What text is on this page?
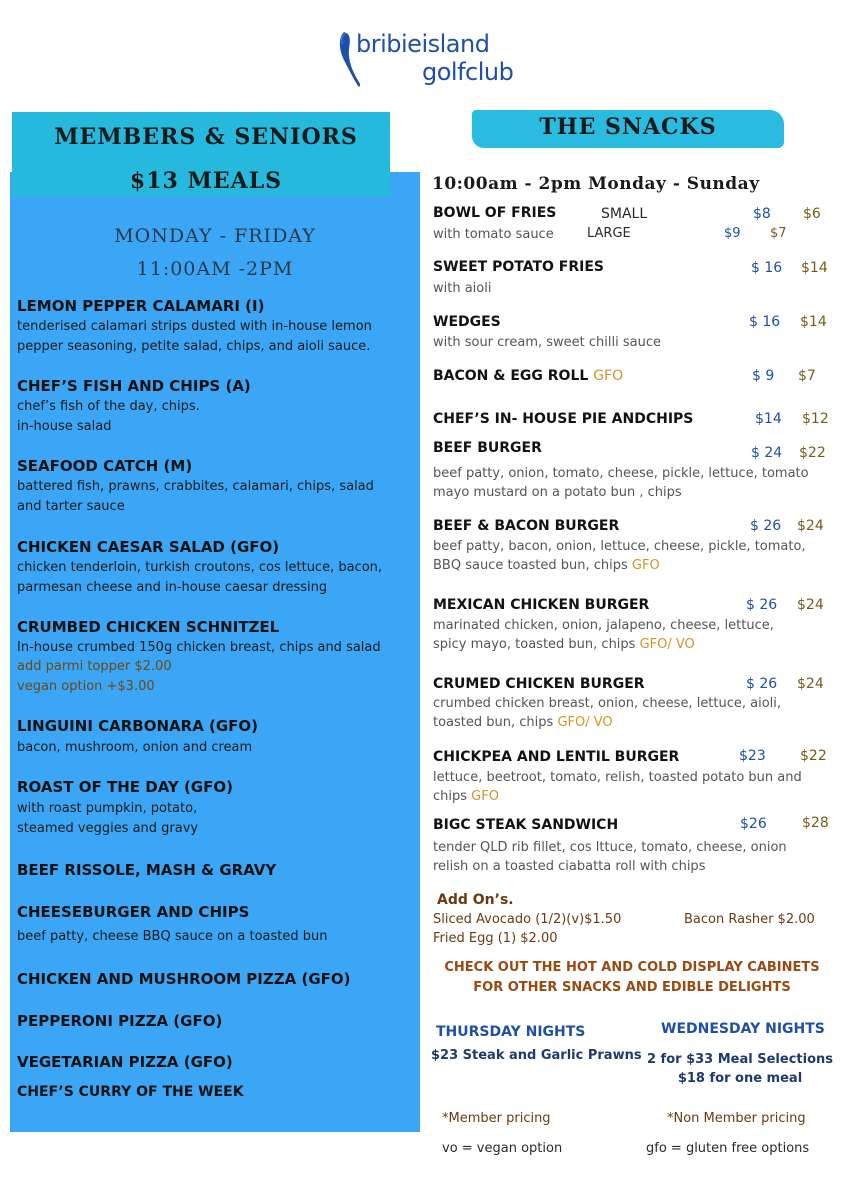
bribieisland
golfclub
MEMBERS & SENIORS
$13 MEALS
MONDAY - FRIDAY
11:00AM -2PM
LEMON PEPPER CALAMARI (I)
tenderised calamari strips dusted with in-house lemon
pepper seasoning, petite salad, chips, and aioli sauce.
CHEF’S FISH AND CHIPS (A)
chef’s fish of the day, chips.
in-house salad
SEAFOOD CATCH (M)
battered fish, prawns, crabbites, calamari, chips, salad
and tarter sauce
CHICKEN CAESAR SALAD (GFO)
chicken tenderloin, turkish croutons, cos lettuce, bacon,
parmesan cheese and in-house caesar dressing
CRUMBED CHICKEN SCHNITZEL
In-house crumbed 150g chicken breast, chips and salad
add parmi topper $2.00
vegan option +$3.00
LINGUINI CARBONARA (GFO)
bacon, mushroom, onion and cream
ROAST OF THE DAY (GFO)
with roast pumpkin, potato,
steamed veggies and gravy
BEEF RISSOLE, MASH & GRAVY
CHEESEBURGER AND CHIPS
beef patty, cheese BBQ sauce on a toasted bun
CHICKEN AND MUSHROOM PIZZA (GFO)
PEPPERONI PIZZA (GFO)
VEGETARIAN PIZZA (GFO)
CHEF’S CURRY OF THE WEEK
THE SNACKS
10:00am - 2pm Monday - Sunday
BOWL OF FRIES	SMALL	$8 $6
with tomato sauce	LARGE	$9 $7
SWEET POTATO FRIES	$ 16 $14
with aioli
WEDGES	$ 16 $14
with sour cream, sweet chilli sauce
BACON & EGG ROLL GFO	$ 9 $7
CHEF’S IN- HOUSE PIE ANDCHIPS	$14 $12
BEEF BURGER	$ 24 $22
beef patty, onion, tomato, cheese, pickle, lettuce, tomato
mayo mustard on a potato bun , chips
BEEF & BACON BURGER	$ 26 $24
beef patty, bacon, onion, lettuce, cheese, pickle, tomato,
BBQ sauce toasted bun, chips GFO
MEXICAN CHICKEN BURGER	$ 26 $24
marinated chicken, onion, jalapeno, cheese, lettuce,
spicy mayo, toasted bun, chips GFO/ VO
CRUMED CHICKEN BURGER	$ 26 $24
crumbed chicken breast, onion, cheese, lettuce, aioli,
toasted bun, chips GFO/ VO
CHICKPEA AND LENTIL BURGER	$23 $22
lettuce, beetroot, tomato, relish, toasted potato bun and
chips GFO
BIGC STEAK SANDWICH	$26	$28
tender QLD rib fillet, cos lttuce, tomato, cheese, onion
relish on a toasted ciabatta roll with chips
Add On’s.
Sliced Avocado (1/2)(v)$1.50	Bacon Rasher $2.00
Fried Egg (1) $2.00
CHECK OUT THE HOT AND COLD DISPLAY CABINETS
FOR OTHER SNACKS AND EDIBLE DELIGHTS
THURSDAY NIGHTS
$23 Steak and Garlic Prawns
WEDNESDAY NIGHTS
2 for $33 Meal Selections
$18 for one meal
*Member pricing	*Non Member pricing
vo = vegan option	gfo = gluten free options
